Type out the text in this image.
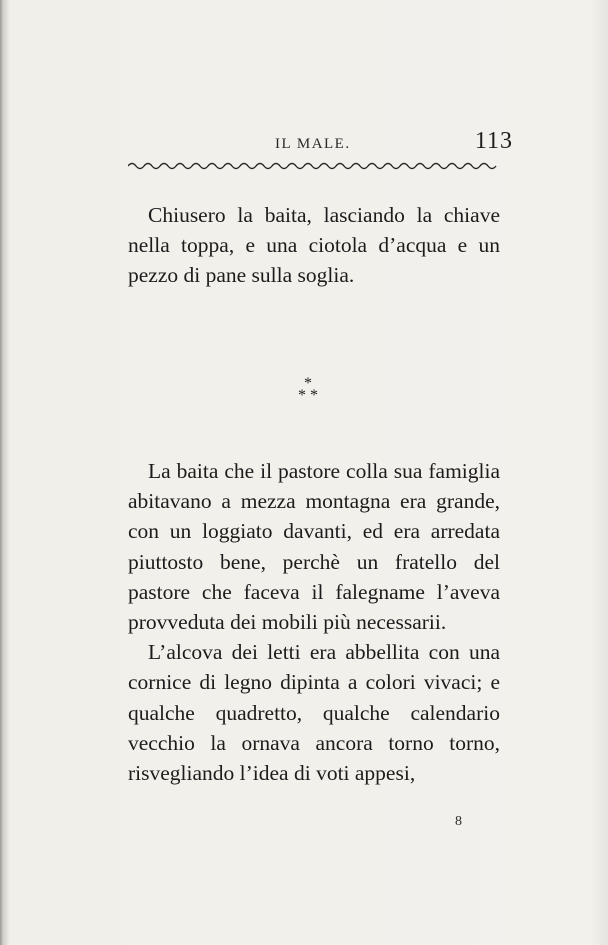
IL MALE.	113

Chiusero la baita, lasciando la chiave nella toppa, e una ciotola d’acqua e un pezzo di pane sulla soglia.

*
* *

La baita che il pastore colla sua famiglia abitavano a mezza montagna era grande, con un loggiato davanti, ed era arredata piuttosto bene, perchè un fratello del pastore che faceva il falegname l’aveva provveduta dei mobili più necessarii.

L’alcova dei letti era abbellita con una cornice di legno dipinta a colori vivaci; e qualche quadretto, qualche calendario vecchio la ornava ancora torno torno, risvegliando l’idea di voti appesi,

8
